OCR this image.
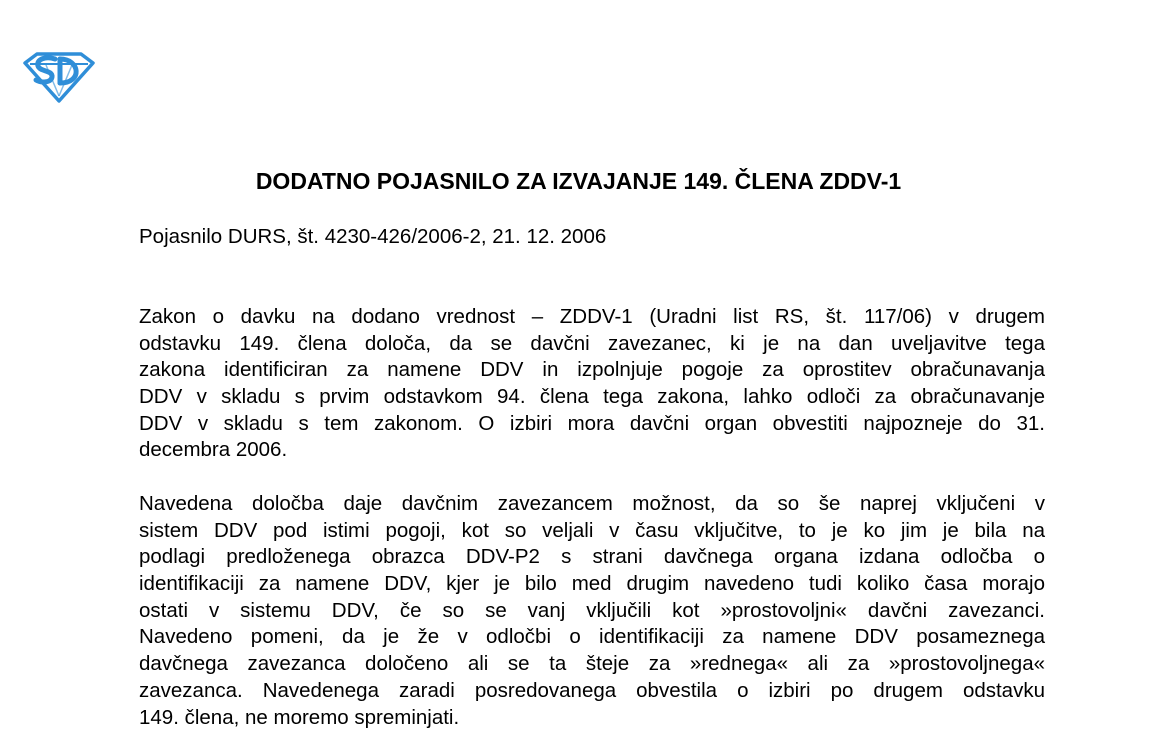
DODATNO POJASNILO ZA IZVAJANJE 149. ČLENA ZDDV-1
Pojasnilo DURS, št. 4230-426/2006-2, 21. 12. 2006

Zakon o davku na dodano vrednost – ZDDV-1 (Uradni list RS, št. 117/06) v drugem
odstavku 149. člena določa, da se davčni zavezanec, ki je na dan uveljavitve tega
zakona identificiran za namene DDV in izpolnjuje pogoje za oprostitev obračunavanja
DDV v skladu s prvim odstavkom 94. člena tega zakona, lahko odloči za obračunavanje
DDV v skladu s tem zakonom. O izbiri mora davčni organ obvestiti najpozneje do 31.
decembra 2006.

Navedena določba daje davčnim zavezancem možnost, da so še naprej vključeni v
sistem DDV pod istimi pogoji, kot so veljali v času vključitve, to je ko jim je bila na
podlagi predloženega obrazca DDV-P2 s strani davčnega organa izdana odločba o
identifikaciji za namene DDV, kjer je bilo med drugim navedeno tudi koliko časa morajo
ostati v sistemu DDV, če so se vanj vključili kot »prostovoljni« davčni zavezanci.
Navedeno pomeni, da je že v odločbi o identifikaciji za namene DDV posameznega
davčnega zavezanca določeno ali se ta šteje za »rednega« ali za »prostovoljnega«
zavezanca. Navedenega zaradi posredovanega obvestila o izbiri po drugem odstavku
149. člena, ne moremo spreminjati.
